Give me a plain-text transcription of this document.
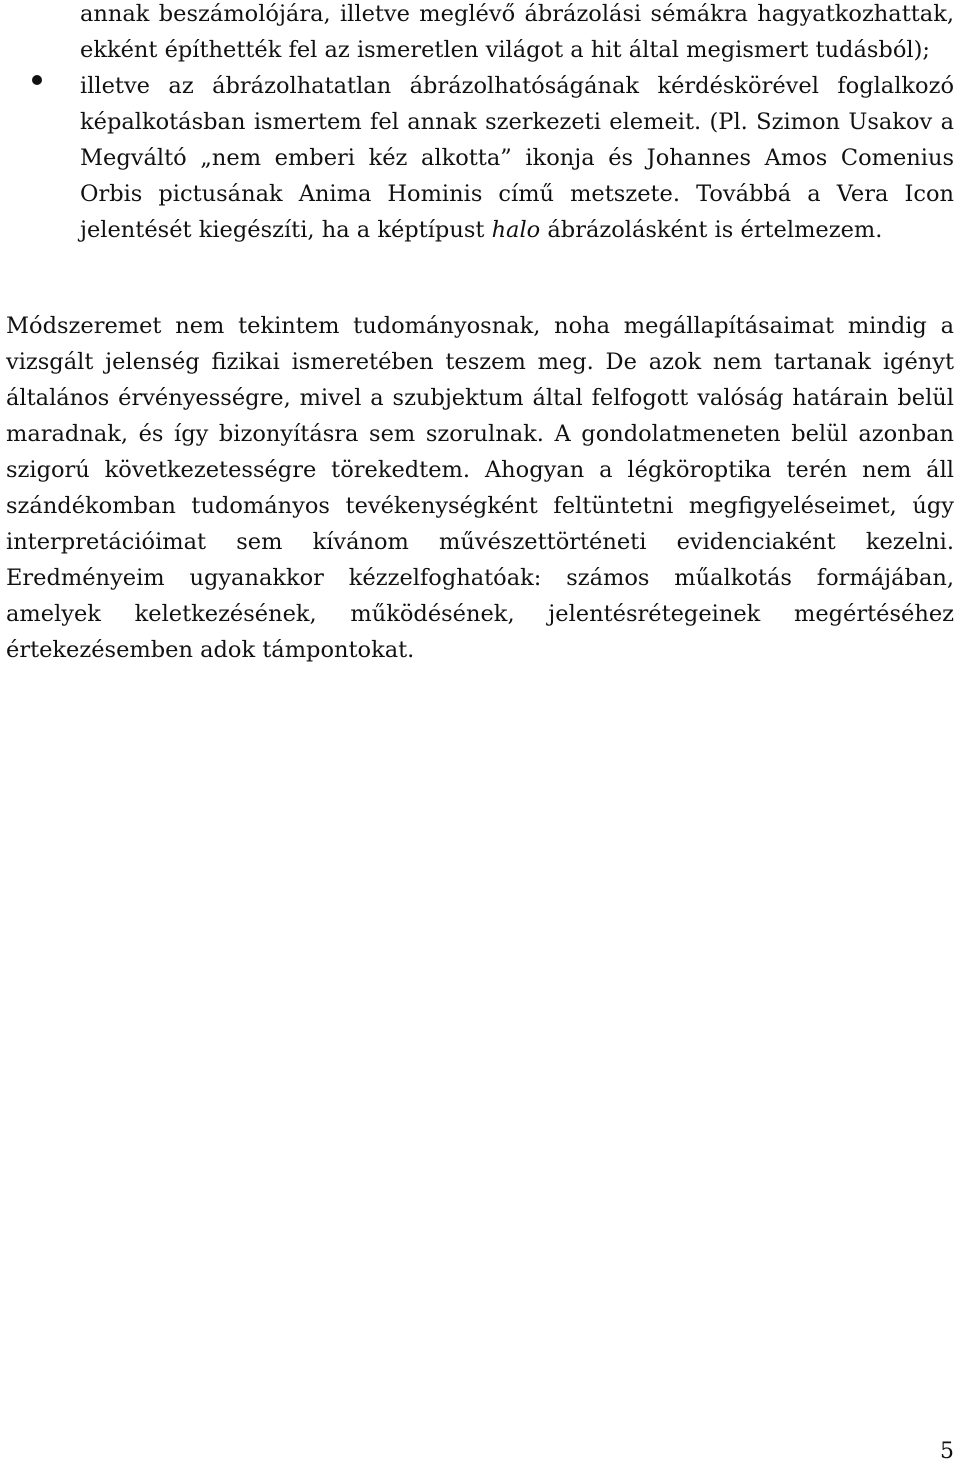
annak beszámolójára, illetve meglévő ábrázolási sémákra hagyatkozhattak, ekként építhették fel az ismeretlen világot a hit által megismert tudásból);

illetve az ábrázolhatatlan ábrázolhatóságának kérdéskörével foglalkozó képalkotásban ismertem fel annak szerkezeti elemeit. (Pl. Szimon Usakov a Megváltó „nem emberi kéz alkotta” ikonja és Johannes Amos Comenius Orbis pictusának Anima Hominis című metszete. Továbbá a Vera Icon jelentését kiegészíti, ha a képtípust halo ábrázolásként is értelmezem.

Módszeremet nem tekintem tudományosnak, noha megállapításaimat mindig a vizsgált jelenség fizikai ismeretében teszem meg. De azok nem tartanak igényt általános érvényességre, mivel a szubjektum által felfogott valóság határain belül maradnak, és így bizonyításra sem szorulnak. A gondolatmeneten belül azonban szigorú következetességre törekedtem. Ahogyan a légköroptika terén nem áll szándékomban tudományos tevékenységként feltüntetni megfigyeléseimet, úgy interpretációimat sem kívánom művészettörténeti evidenciaként kezelni. Eredményeim ugyanakkor kézzelfoghatóak: számos műalkotás formájában, amelyek keletkezésének, működésének, jelentésrétegeinek megértéséhez értekezésemben adok támpontokat.

5
